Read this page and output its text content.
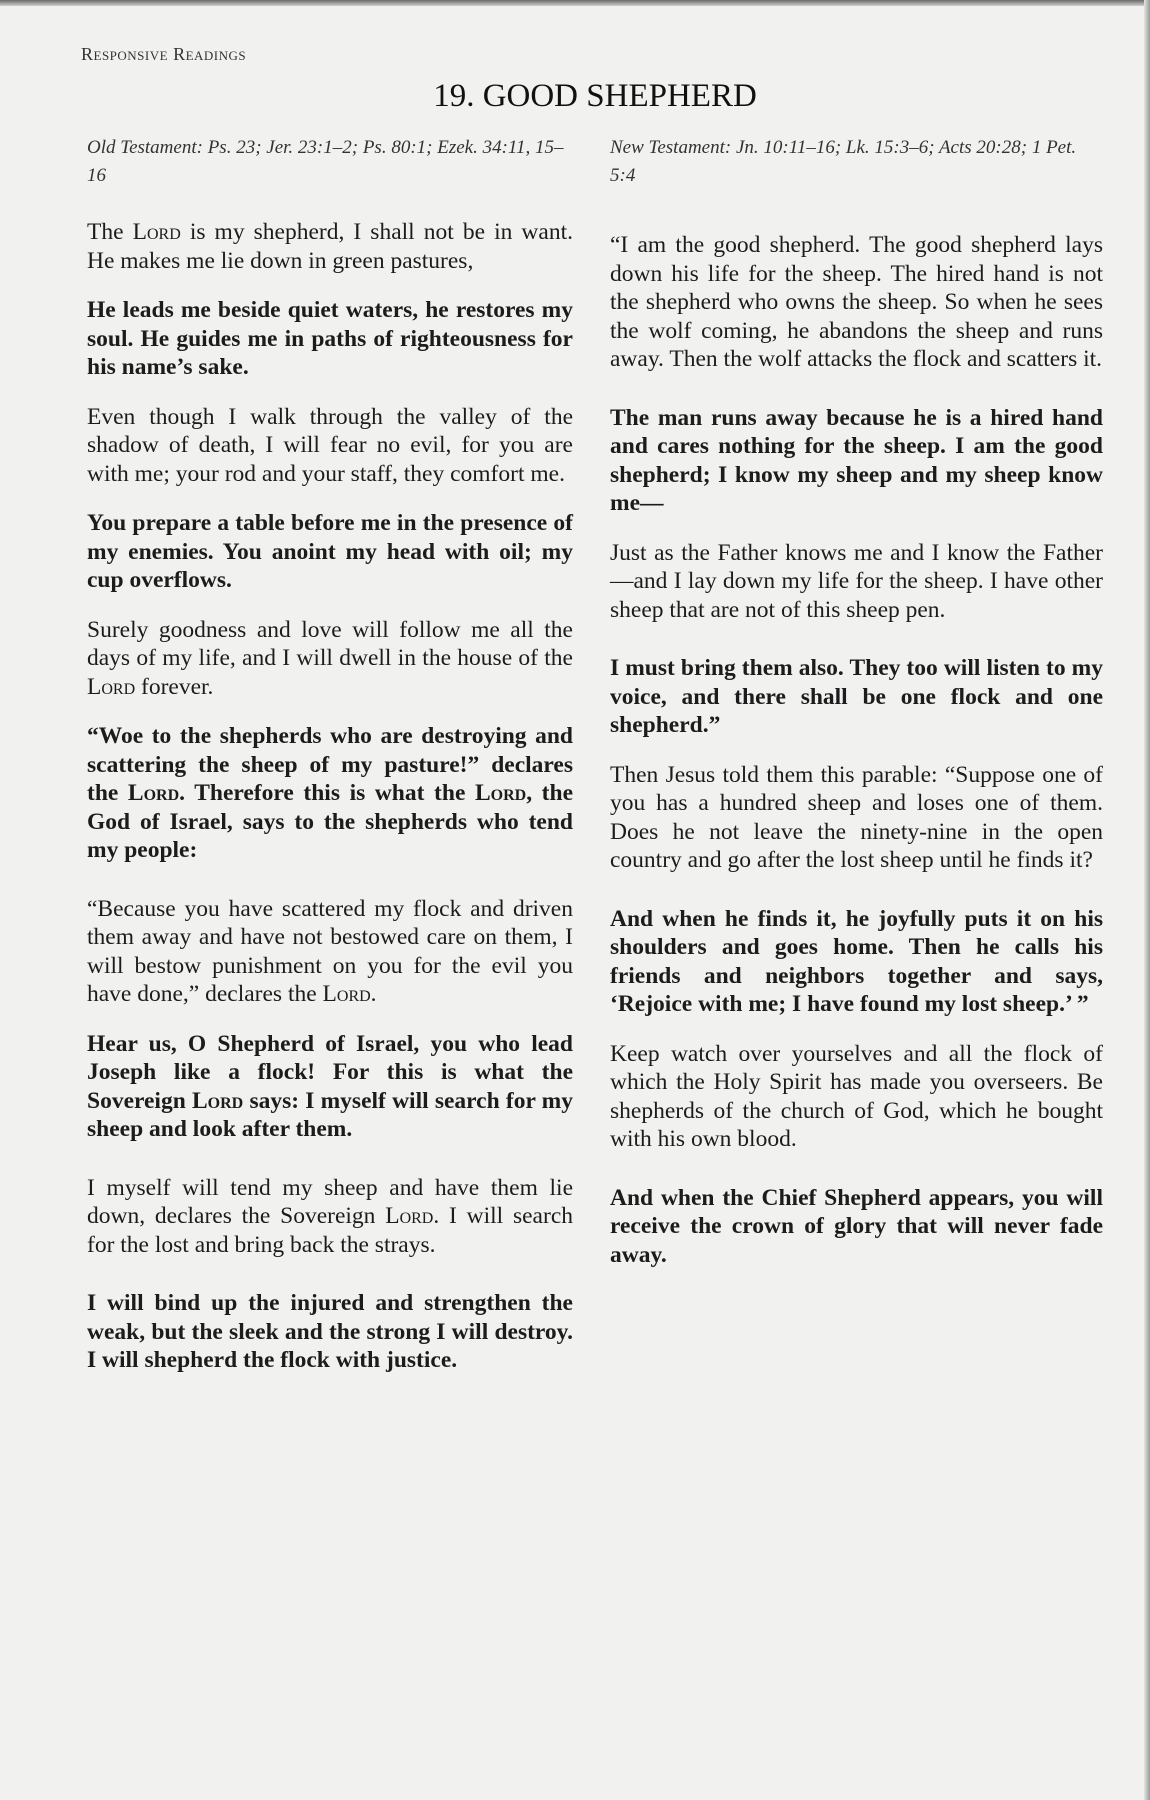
Responsive Readings
19. GOOD SHEPHERD

Old Testament: Ps. 23; Jer. 23:1–2; Ps. 80:1; Ezek. 34:11, 15–16

The Lord is my shepherd, I shall not be in want. He makes me lie down in green pastures,

He leads me beside quiet waters, he restores my soul. He guides me in paths of righteousness for his name’s sake.

Even though I walk through the valley of the shadow of death, I will fear no evil, for you are with me; your rod and your staff, they comfort me.

You prepare a table before me in the presence of my enemies. You anoint my head with oil; my cup overflows.

Surely goodness and love will follow me all the days of my life, and I will dwell in the house of the Lord forever.

“Woe to the shepherds who are destroying and scattering the sheep of my pasture!” declares the Lord. Therefore this is what the Lord, the God of Israel, says to the shepherds who tend my people:

“Because you have scattered my flock and driven them away and have not bestowed care on them, I will bestow punishment on you for the evil you have done,” declares the Lord.

Hear us, O Shepherd of Israel, you who lead Joseph like a flock! For this is what the Sovereign Lord says: I myself will search for my sheep and look after them.

I myself will tend my sheep and have them lie down, declares the Sovereign Lord. I will search for the lost and bring back the strays.

I will bind up the injured and strengthen the weak, but the sleek and the strong I will destroy. I will shepherd the flock with justice.

New Testament: Jn. 10:11–16; Lk. 15:3–6; Acts 20:28; 1 Pet. 5:4

“I am the good shepherd. The good shepherd lays down his life for the sheep. The hired hand is not the shepherd who owns the sheep. So when he sees the wolf coming, he abandons the sheep and runs away. Then the wolf attacks the flock and scatters it.

The man runs away because he is a hired hand and cares nothing for the sheep. I am the good shepherd; I know my sheep and my sheep know me—

Just as the Father knows me and I know the Father—and I lay down my life for the sheep. I have other sheep that are not of this sheep pen.

I must bring them also. They too will listen to my voice, and there shall be one flock and one shepherd.”

Then Jesus told them this parable: “Suppose one of you has a hundred sheep and loses one of them. Does he not leave the ninety-nine in the open country and go after the lost sheep until he finds it?

And when he finds it, he joyfully puts it on his shoulders and goes home. Then he calls his friends and neighbors together and says, ‘Rejoice with me; I have found my lost sheep.’ ”

Keep watch over yourselves and all the flock of which the Holy Spirit has made you overseers. Be shepherds of the church of God, which he bought with his own blood.

And when the Chief Shepherd appears, you will receive the crown of glory that will never fade away.
